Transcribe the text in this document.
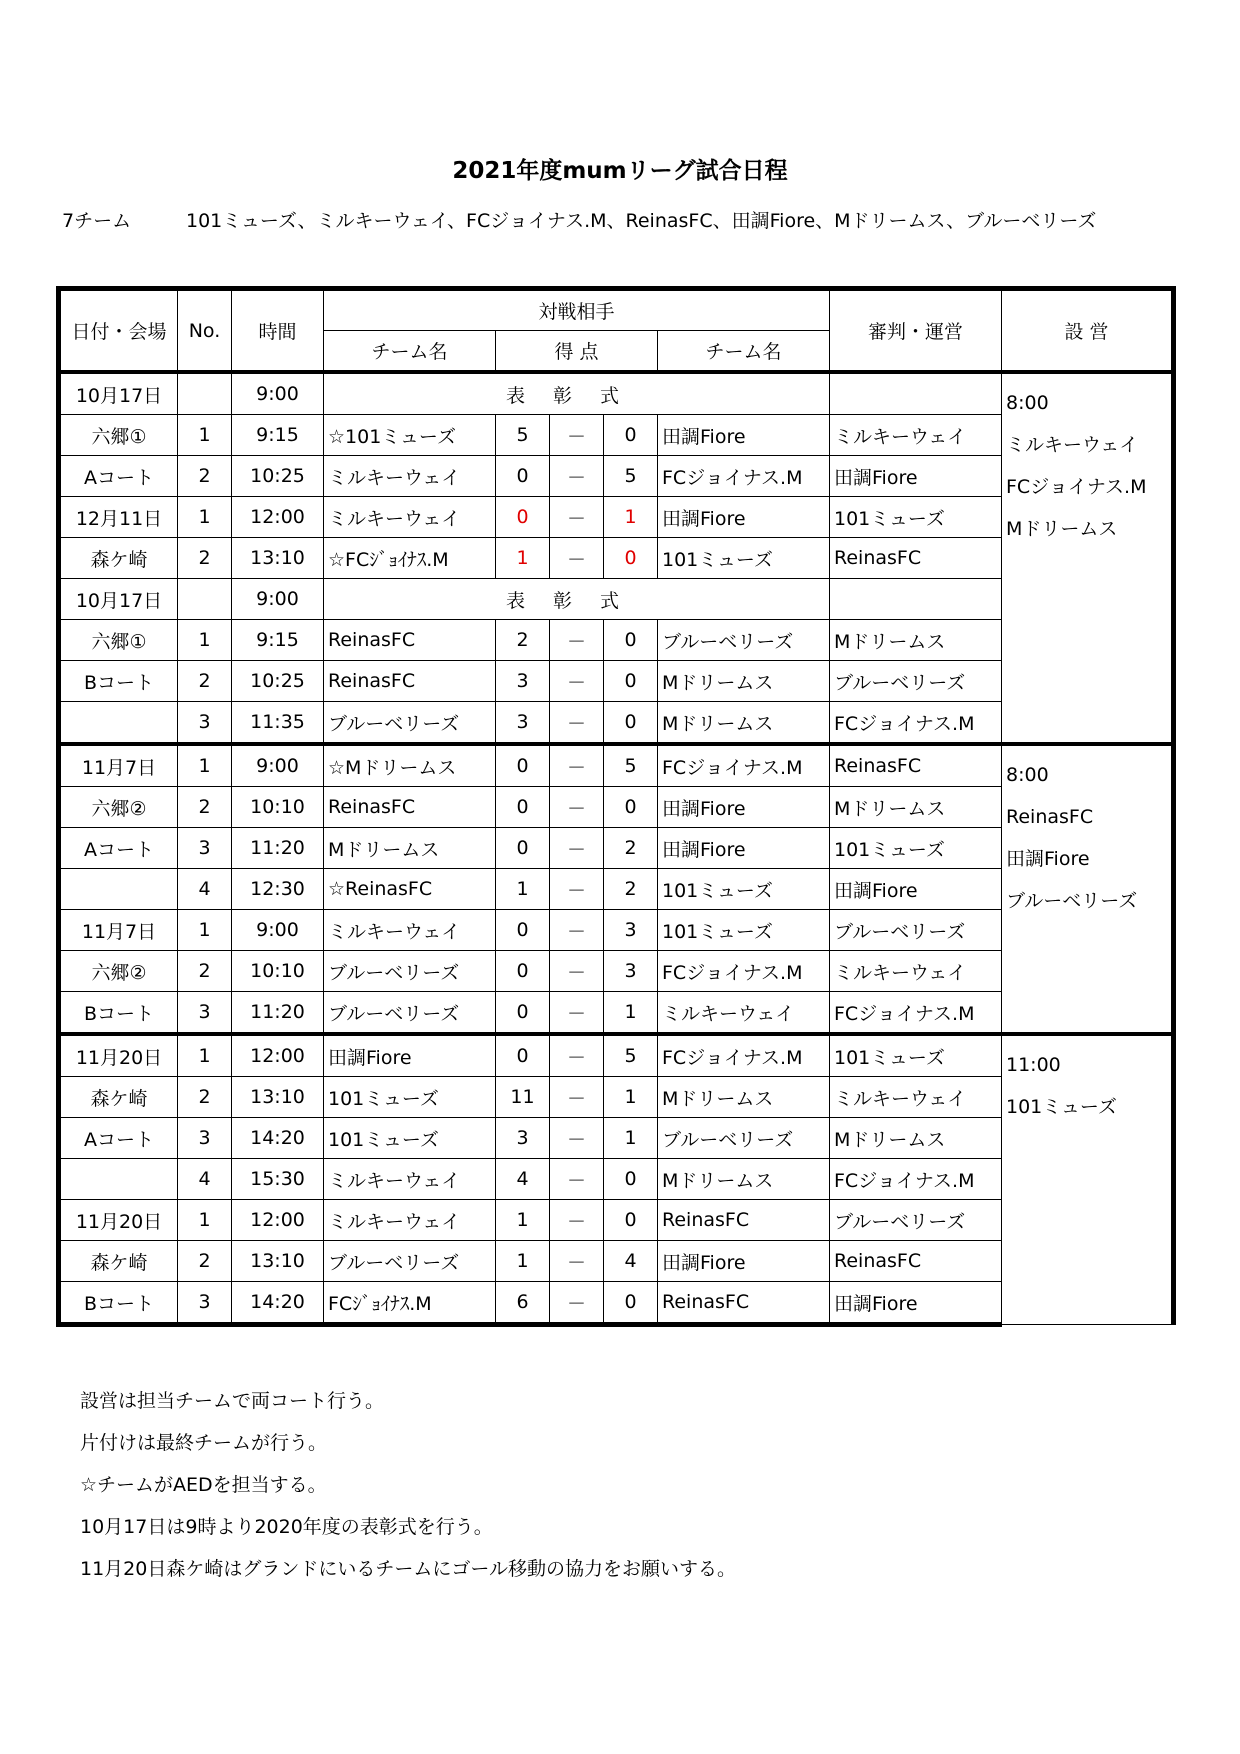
2021年度mumリーグ試合日程
7チーム	101ミューズ、ミルキーウェイ、FCジョイナス.M、ReinasFC、田調Fiore、Mドリームス、ブルーベリーズ
日付・会場	No.	時間	対戦相手					審判・運営	設 営
			チーム名	得 点			チーム名		
10月17日		9:00	表彰式						8:00
ミルキーウェイ
FCジョイナス.M
Mドリームス

六郷①	1	9:15	☆101ミューズ	5	－	0	田調Fiore	ミルキーウェイ	
Aコート	2	10:25	ミルキーウェイ	0	－	5	FCジョイナス.M	田調Fiore	
12月11日	1	12:00	ミルキーウェイ	0	－	1	田調Fiore	101ミューズ	
森ケ崎	2	13:10	☆FCｼﾞｮｲﾅｽ.M	1	－	0	101ミューズ	ReinasFC	
10月17日		9:00	表彰式						
六郷①	1	9:15	ReinasFC	2	－	0	ブルーベリーズ	Mドリームス	
Bコート	2	10:25	ReinasFC	3	－	0	Mドリームス	ブルーベリーズ	
	3	11:35	ブルーベリーズ	3	－	0	Mドリームス	FCジョイナス.M	
11月7日	1	9:00	☆Mドリームス	0	－	5	FCジョイナス.M	ReinasFC	8:00
ReinasFC
田調Fiore
ブルーベリーズ

六郷②	2	10:10	ReinasFC	0	－	0	田調Fiore	Mドリームス	
Aコート	3	11:20	Mドリームス	0	－	2	田調Fiore	101ミューズ	
	4	12:30	☆ReinasFC	1	－	2	101ミューズ	田調Fiore	
11月7日	1	9:00	ミルキーウェイ	0	－	3	101ミューズ	ブルーベリーズ	
六郷②	2	10:10	ブルーベリーズ	0	－	3	FCジョイナス.M	ミルキーウェイ	
Bコート	3	11:20	ブルーベリーズ	0	－	1	ミルキーウェイ	FCジョイナス.M	
11月20日	1	12:00	田調Fiore	0	－	5	FCジョイナス.M	101ミューズ	11:00
101ミューズ

森ケ崎	2	13:10	101ミューズ	11	－	1	Mドリームス	ミルキーウェイ	
Aコート	3	14:20	101ミューズ	3	－	1	ブルーベリーズ	Mドリームス	
	4	15:30	ミルキーウェイ	4	－	0	Mドリームス	FCジョイナス.M	
11月20日	1	12:00	ミルキーウェイ	1	－	0	ReinasFC	ブルーベリーズ	
森ケ崎	2	13:10	ブルーベリーズ	1	－	4	田調Fiore	ReinasFC	
Bコート	3	14:20	FCｼﾞｮｲﾅｽ.M	6	－	0	ReinasFC	田調Fiore	
設営は担当チームで両コート行う。
片付けは最終チームが行う。
☆チームがAEDを担当する。
10月17日は9時より2020年度の表彰式を行う。
11月20日森ケ崎はグランドにいるチームにゴール移動の協力をお願いする。
